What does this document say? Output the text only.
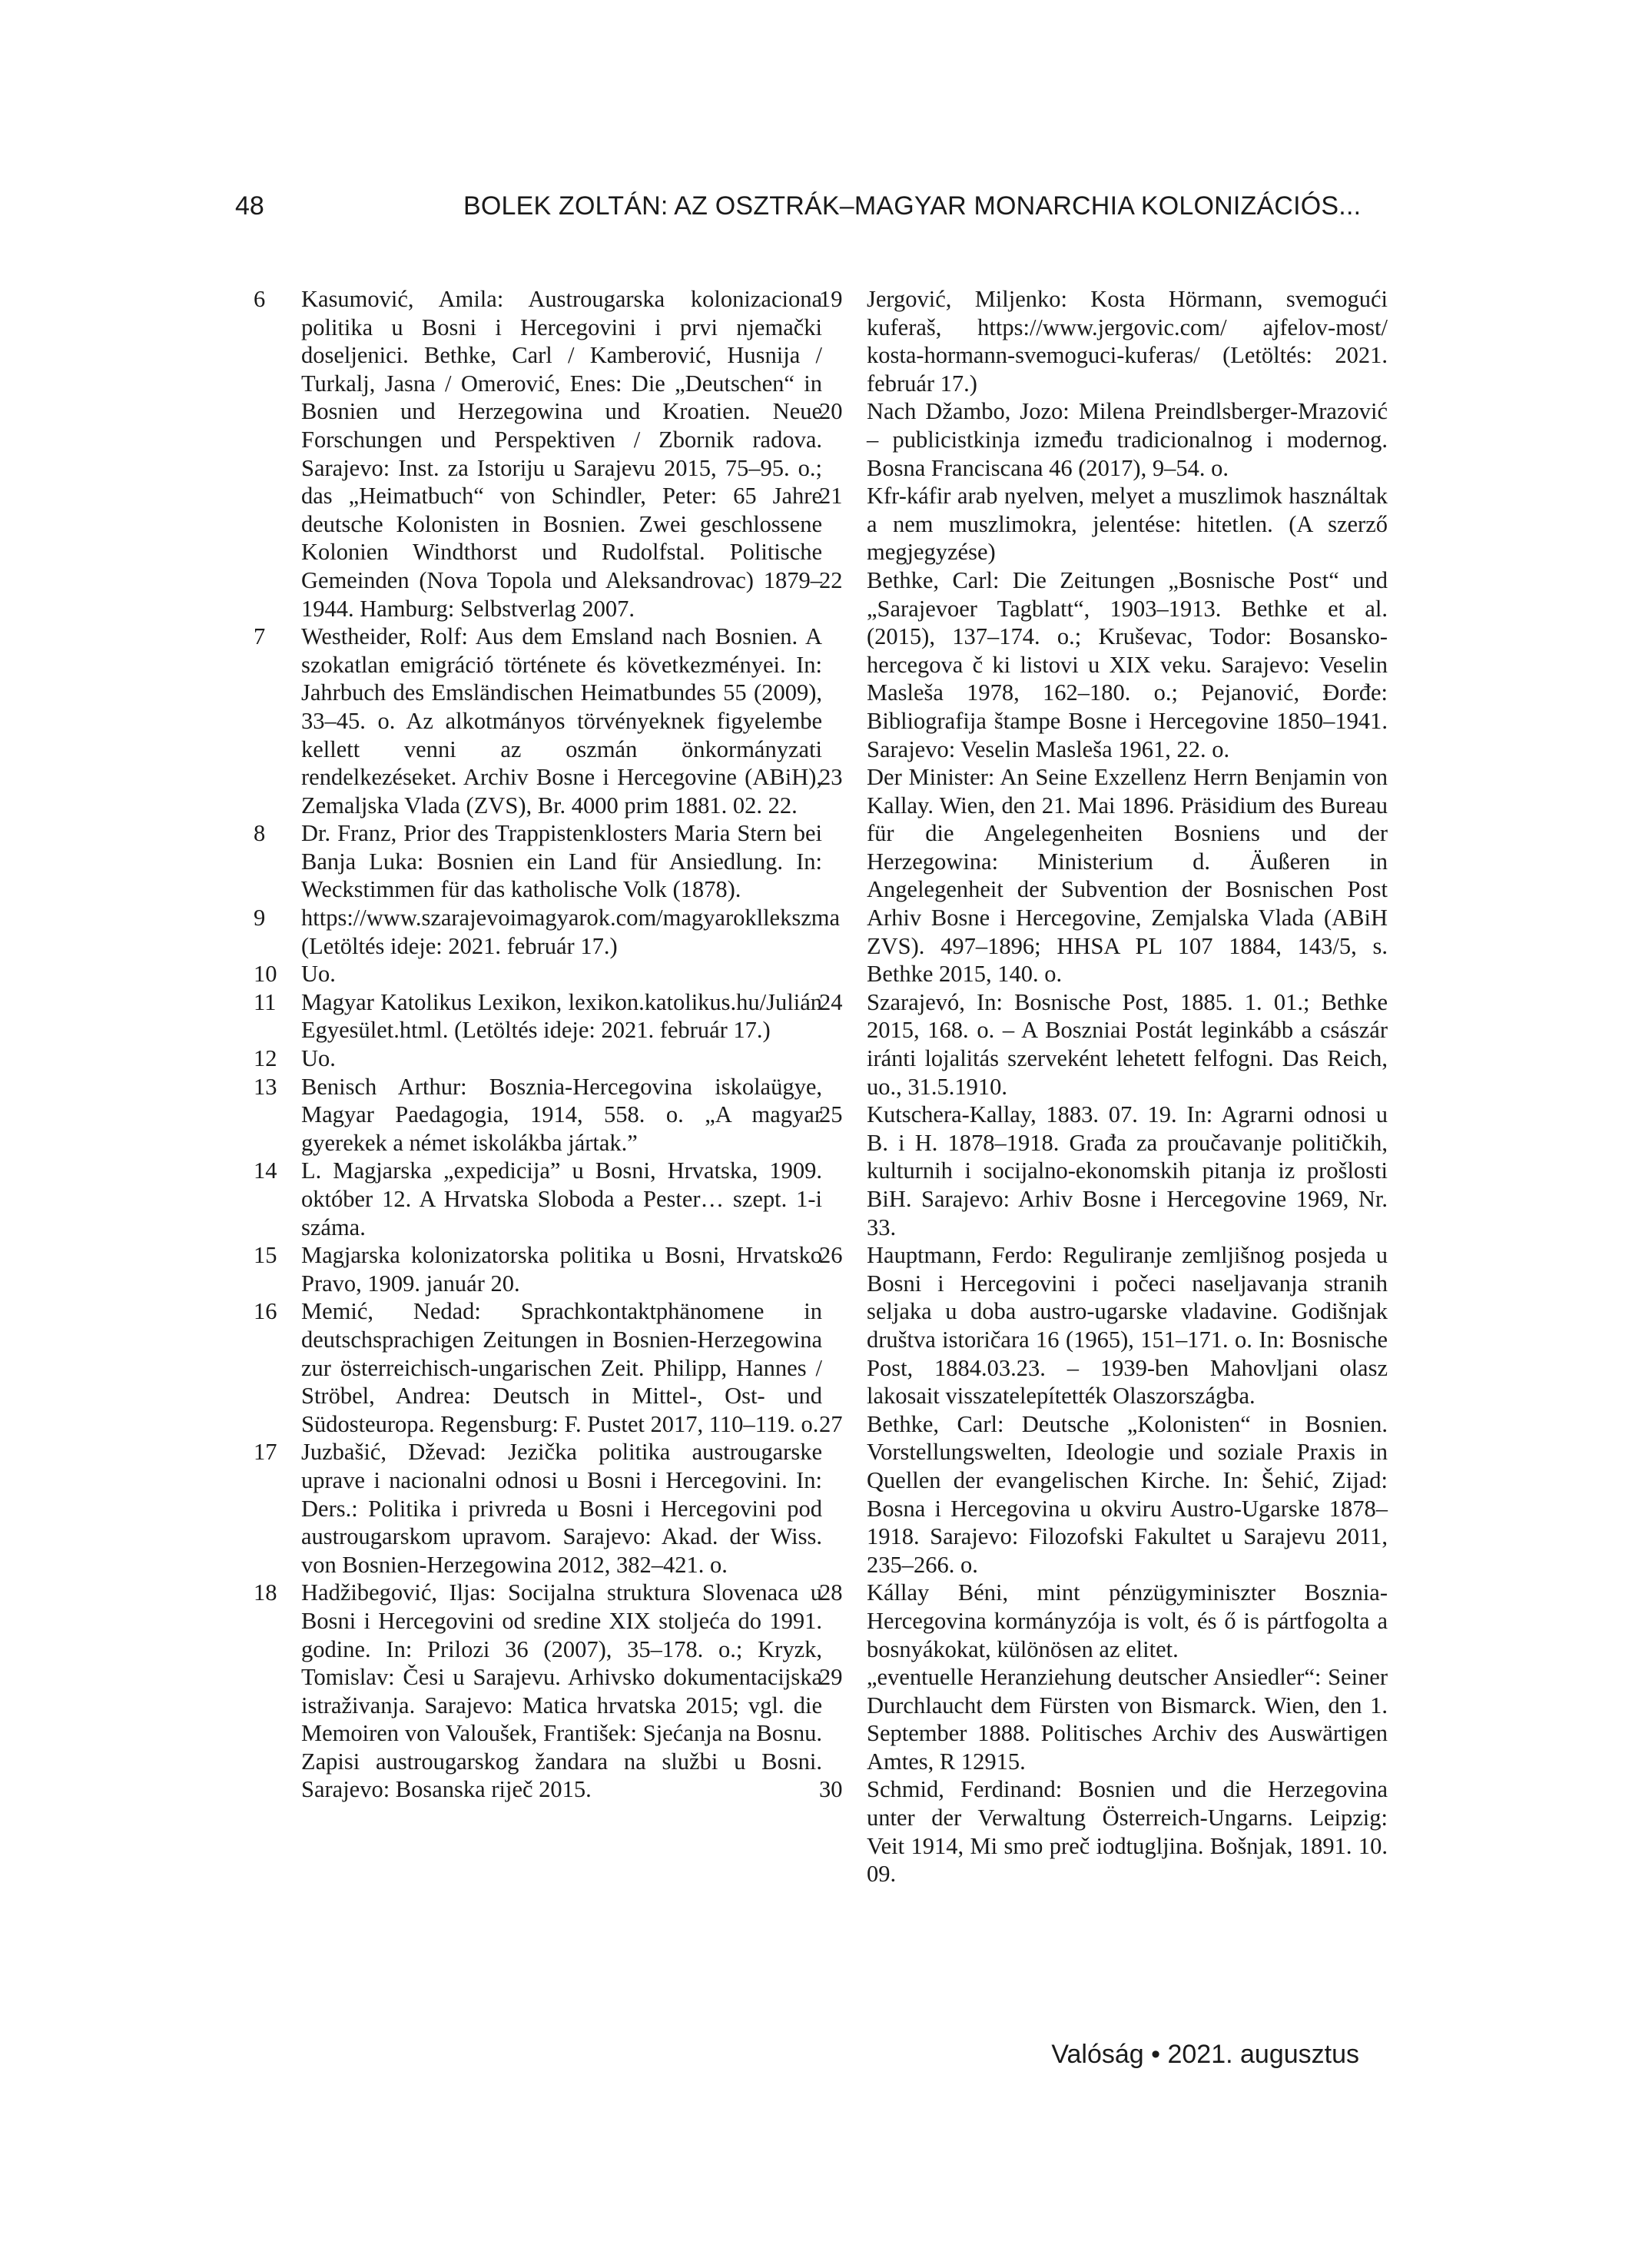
48	BOLEK ZOLTÁN: AZ OSZTRÁK–MAGYAR MONARCHIA KOLONIZÁCIÓS...
6	Kasumović, Amila: Austrougarska kolonizaciona politika u Bosni i Hercegovini i prvi njemački doseljenici. Bethke, Carl / Kamberović, Husnija / Turkalj, Jasna / Omerović, Enes: Die „Deutschen“ in Bosnien und Herzegowina und Kroatien. Neue Forschungen und Perspektiven / Zbornik radova. Sarajevo: Inst. za Istoriju u Sarajevu 2015, 75–95. o.; das „Heimatbuch“ von Schindler, Peter: 65 Jahre deutsche Kolonisten in Bosnien. Zwei geschlossene Kolonien Windthorst und Rudolfstal. Politische Gemeinden (Nova Topola und Aleksandrovac) 1879–1944. Hamburg: Selbstverlag 2007.
7	Westheider, Rolf: Aus dem Emsland nach Bosnien. A szokatlan emigráció története és következményei. In: Jahrbuch des Emsländischen Heimatbundes 55 (2009), 33–45. o. Az alkotmányos törvényeknek figyelembe kellett venni az oszmán önkormányzati rendelkezéseket. Archiv Bosne i Hercegovine (ABiH), Zemaljska Vlada (ZVS), Br. 4000 prim 1881. 02. 22.
8	Dr. Franz, Prior des Trappistenklosters Maria Stern bei Banja Luka: Bosnien ein Land für Ansiedlung. In: Weckstimmen für das katholische Volk (1878).
9	https://www.szarajevoimagyarok.com/magyarokllekszma (Letöltés ideje: 2021. február 17.)
10	Uo.
11	Magyar Katolikus Lexikon, lexikon.katolikus.hu/Julián Egyesület.html. (Letöltés ideje: 2021. február 17.)
12	Uo.
13	Benisch Arthur: Bosznia-Hercegovina iskolaügye, Magyar Paedagogia, 1914, 558. o. „A magyar gyerekek a német iskolákba jártak.”
14	L. Magjarska „expedicija” u Bosni, Hrvatska, 1909. október 12. A Hrvatska Sloboda a Pester… szept. 1-i száma.
15	Magjarska kolonizatorska politika u Bosni, Hrvatsko Pravo, 1909. január 20.
16	Memić, Nedad: Sprachkontaktphänomene in deutschsprachigen Zeitungen in Bosnien-Herzegowina zur österreichisch-ungarischen Zeit. Philipp, Hannes / Ströbel, Andrea: Deutsch in Mittel-, Ost- und Südosteuropa. Regensburg: F. Pustet 2017, 110–119. o.
17	Juzbašić, Dževad: Jezička politika austrougarske uprave i nacionalni odnosi u Bosni i Hercegovini. In: Ders.: Politika i privreda u Bosni i Hercegovini pod austrougarskom upravom. Sarajevo: Akad. der Wiss. von Bosnien-Herzegowina 2012, 382–421. o.
18	Hadžibegović, Iljas: Socijalna struktura Slovenaca u Bosni i Hercegovini od sredine XIX stoljeća do 1991. godine. In: Prilozi 36 (2007), 35–178. o.; Kryzk, Tomislav: Česi u Sarajevu. Arhivsko dokumentacijska istraživanja. Sarajevo: Matica hrvatska 2015; vgl. die Memoiren von Valoušek, František: Sjećanja na Bosnu. Zapisi austrougarskog žandara na službi u Bosni. Sarajevo: Bosanska riječ 2015.
19	Jergović, Miljenko: Kosta Hörmann, svemogući kuferaš, https://www.jergovic.com/ ajfelov-most/ kosta-hormann-svemoguci-kuferas/ (Letöltés: 2021. február 17.)
20	Nach Džambo, Jozo: Milena Preindlsberger-Mrazović – publicistkinja između tradicionalnog i modernog. Bosna Franciscana 46 (2017), 9–54. o.
21	Kfr-káfir arab nyelven, melyet a muszlimok használtak a nem muszlimokra, jelentése: hitetlen. (A szerző megjegyzése)
22	Bethke, Carl: Die Zeitungen „Bosnische Post“ und „Sarajevoer Tagblatt“, 1903–1913. Bethke et al. (2015), 137–174. o.; Kruševac, Todor: Bosansko-hercegova č ki listovi u XIX veku. Sarajevo: Veselin Masleša 1978, 162–180. o.; Pejanović, Đorđe: Bibliografija štampe Bosne i Hercegovine 1850–1941. Sarajevo: Veselin Masleša 1961, 22. o.
23	Der Minister: An Seine Exzellenz Herrn Benjamin von Kallay. Wien, den 21. Mai 1896. Präsidium des Bureau für die Angelegenheiten Bosniens und der Herzegowina: Ministerium d. Äußeren in Angelegenheit der Subvention der Bosnischen Post Arhiv Bosne i Hercegovine, Zemjalska Vlada (ABiH ZVS). 497–1896; HHSA PL 107 1884, 143/5, s. Bethke 2015, 140. o.
24	Szarajevó, In: Bosnische Post, 1885. 1. 01.; Bethke 2015, 168. o. – A Boszniai Postát leginkább a császár iránti lojalitás szerveként lehetett felfogni. Das Reich, uo., 31.5.1910.
25	Kutschera-Kallay, 1883. 07. 19. In: Agrarni odnosi u B. i H. 1878–1918. Građa za proučavanje političkih, kulturnih i socijalno-ekonomskih pitanja iz prošlosti BiH. Sarajevo: Arhiv Bosne i Hercegovine 1969, Nr. 33.
26	Hauptmann, Ferdo: Reguliranje zemljišnog posjeda u Bosni i Hercegovini i počeci naseljavanja stranih seljaka u doba austro-ugarske vladavine. Godišnjak društva istoričara 16 (1965), 151–171. o. In: Bosnische Post, 1884.03.23. – 1939-ben Mahovljani olasz lakosait visszatelepítették Olaszországba.
27	Bethke, Carl: Deutsche „Kolonisten“ in Bosnien. Vorstellungswelten, Ideologie und soziale Praxis in Quellen der evangelischen Kirche. In: Šehić, Zijad: Bosna i Hercegovina u okviru Austro-Ugarske 1878–1918. Sarajevo: Filozofski Fakultet u Sarajevu 2011, 235–266. o.
28	Kállay Béni, mint pénzügyminiszter Bosznia-Hercegovina kormányzója is volt, és ő is pártfogolta a bosnyákokat, különösen az elitet.
29	„eventuelle Heranziehung deutscher Ansiedler“: Seiner Durchlaucht dem Fürsten von Bismarck. Wien, den 1. September 1888. Politisches Archiv des Auswärtigen Amtes, R 12915.
30	Schmid, Ferdinand: Bosnien und die Herzegovina unter der Verwaltung Österreich-Ungarns. Leipzig: Veit 1914, Mi smo preč iodtugljina. Bošnjak, 1891. 10. 09.
Valóság • 2021. augusztus
